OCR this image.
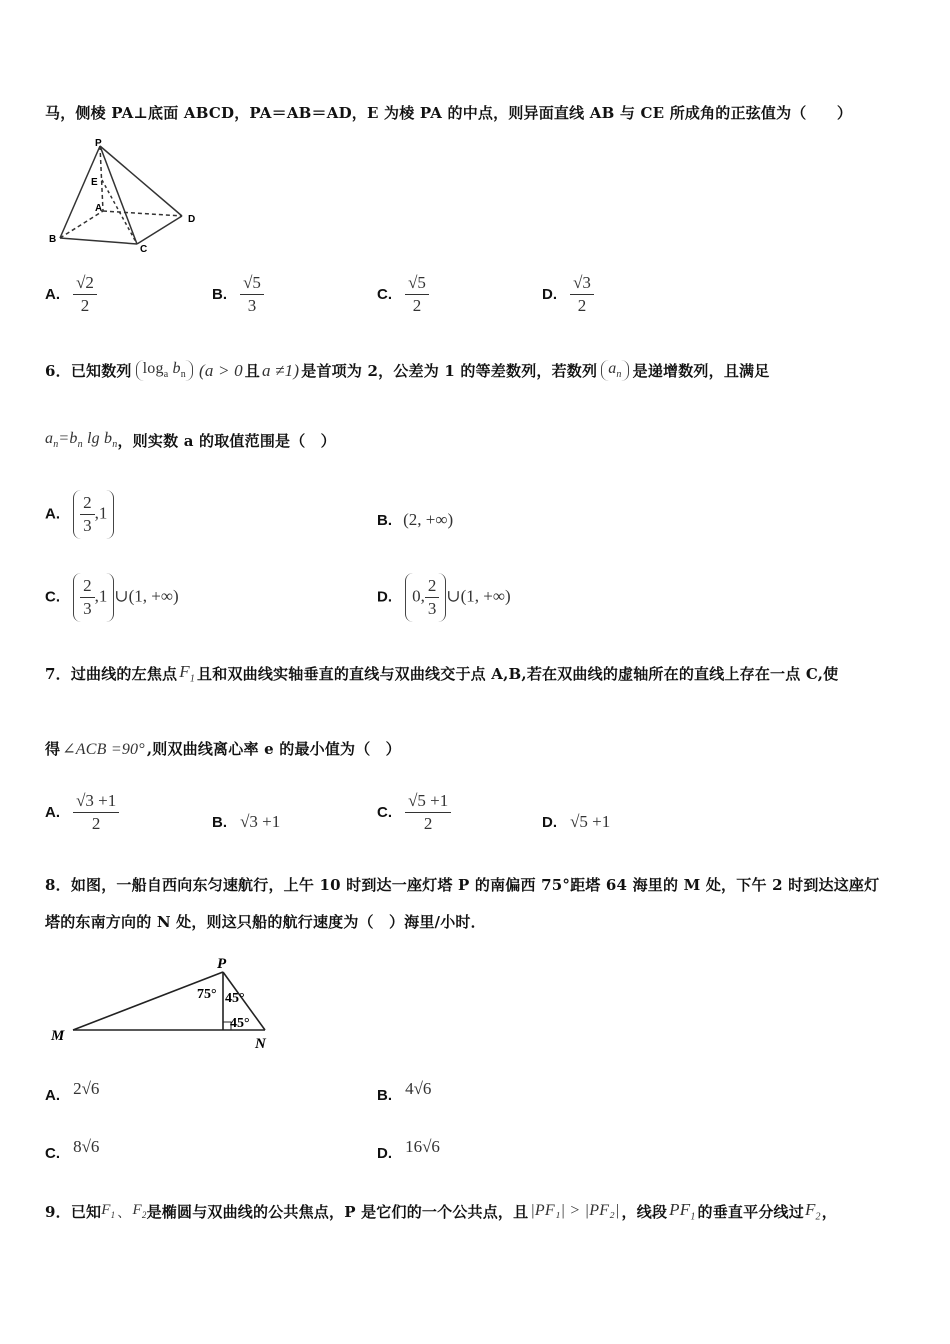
马，侧棱 PA⊥底面 ABCD，PA＝AB＝AD，E 为棱 PA 的中点，则异面直线 AB 与 CE 所成角的正弦值为（　　）
P
E
A
B
C
D
A. $\frac{√2}{2}$	B. $\frac{√5}{3}$	C. $\frac{√5}{2}$	D. $\frac{√3}{2}$
6．已知数列 $\log_a b_n$ (a > 0 且 a ≠1) 是首项为 2，公差为 1 的等差数列，若数列 $a_n$ 是递增数列，且满足
$a_n=b_n$ $\lg b_n$ ，则实数 a 的取值范围是（　）
A. $\frac{2}{3} ,1$	B. (2, +∞)
C. $\frac{2}{3} ,1$ ∪(1, +∞)	D. 0, $\frac{2}{3}$ ∪(1, +∞)
7．过曲线的左焦点 $F_1$ 且和双曲线实轴垂直的直线与双曲线交于点 A,B,若在双曲线的虚轴所在的直线上存在一点 C,使
得 ∠ACB =90° ,则双曲线离心率 e 的最小值为（　）
A. $\frac{√3 +1}{2}$	B. √3 +1	C. $\frac{√5 +1}{2}$	D. √5 +1
8．如图，一船自西向东匀速航行，上午 10 时到达一座灯塔 P 的南偏西 75°距塔 64 海里的 M 处，下午 2 时到达这座灯
塔的东南方向的 N 处，则这只船的航行速度为（　）海里/小时．
P
M	N
75° 45°
45°
A. 2√6	B. 4√6
C. 8√6	D. 16√6
9．已知 $F_1$ 、 $F_2$ 是椭圆与双曲线的公共焦点，P 是它们的一个公共点，且 |PF₁| > |PF₂| ，线段 $PF_1$ 的垂直平分线过 $F_2$ ，
